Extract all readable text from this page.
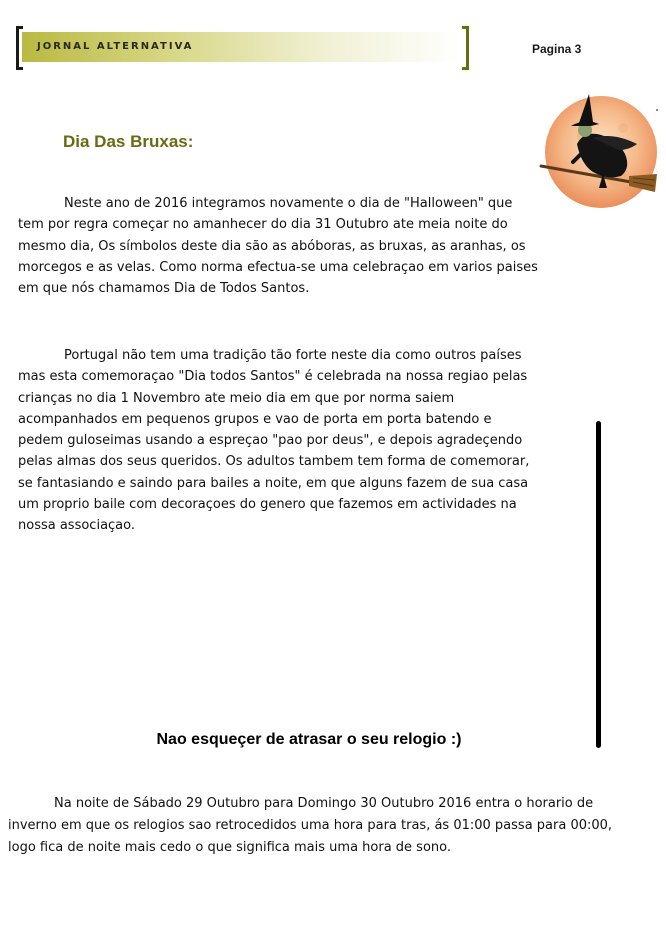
JORNAL ALTERNATIVA	Pagina 3
Dia Das Bruxas:

Neste ano de 2016 integramos novamente o dia de "Halloween" que tem por regra começar no amanhecer do dia 31 Outubro ate meia noite do mesmo dia, Os símbolos deste dia são as abóboras, as bruxas, as aranhas, os morcegos e as velas. Como norma efectua-se uma celebraçao em varios paises em que nós chamamos Dia de Todos Santos.

Portugal não tem uma tradição tão forte neste dia como outros países mas esta comemoraçao "Dia todos Santos" é celebrada na nossa regiao pelas crianças no dia 1 Novembro ate meio dia em que por norma saiem acompanhados em pequenos grupos e vao de porta em porta batendo e pedem guloseimas usando a espreçao "pao por deus", e depois agradeçendo pelas almas dos seus queridos. Os adultos tambem tem forma de comemorar, se fantasiando e saindo para bailes a noite, em que alguns fazem de sua casa um proprio baile com decoraçoes do genero que fazemos em actividades na nossa associaçao.

Nao esqueçer de atrasar o seu relogio :)

Na noite de Sábado 29 Outubro para Domingo 30 Outubro 2016 entra o horario de inverno em que os relogios sao retrocedidos uma hora para tras, ás 01:00 passa para 00:00, logo fica de noite mais cedo o que significa mais uma hora de sono.
